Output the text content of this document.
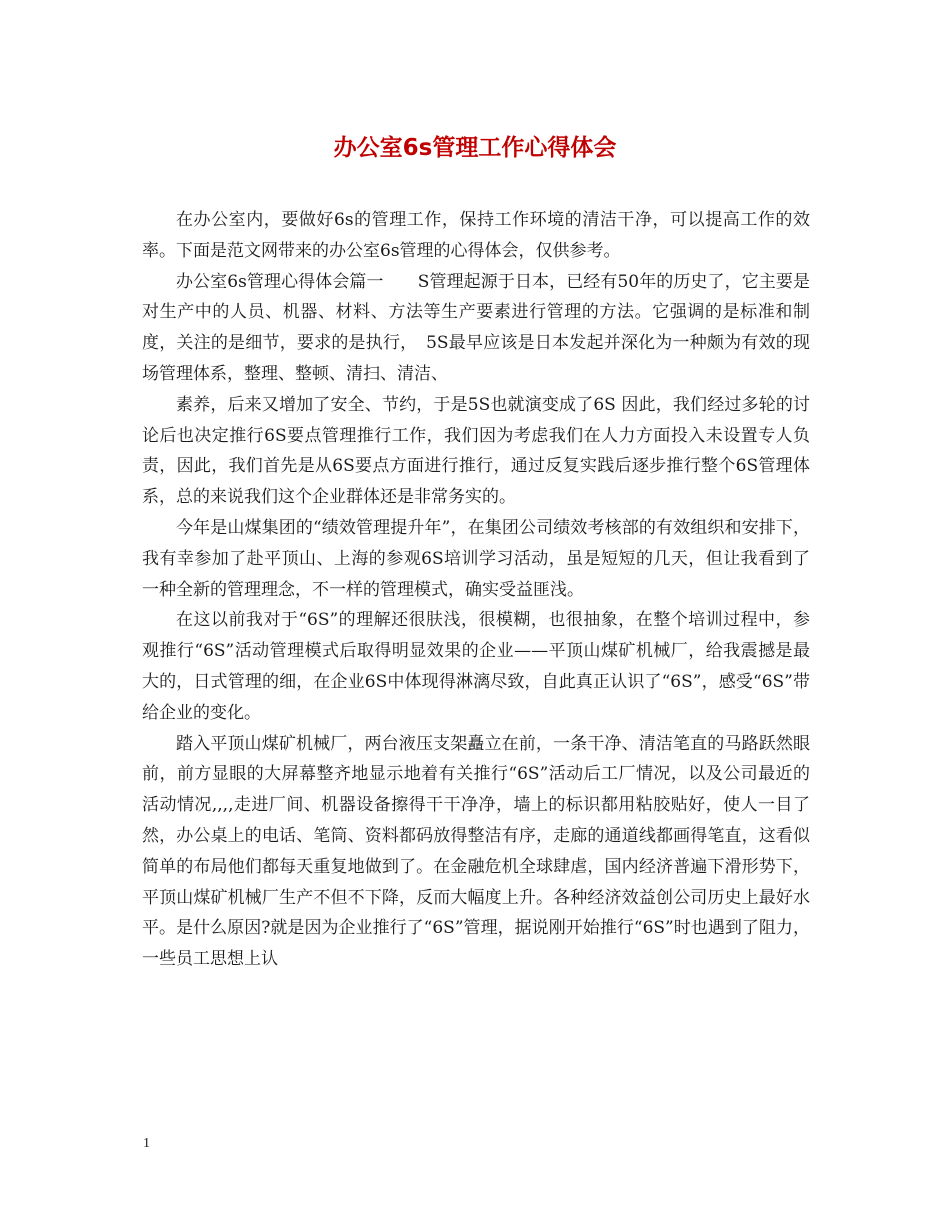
办公室6s管理工作心得体会

在办公室内，要做好6s的管理工作，保持工作环境的清洁干净，可以提高工作的效率。下面是范文网带来的办公室6s管理的心得体会，仅供参考。

办公室6s管理心得体会篇一　　S管理起源于日本，已经有50年的历史了，它主要是对生产中的人员、机器、材料、方法等生产要素进行管理的方法。它强调的是标准和制度，关注的是细节，要求的是执行，　5S最早应该是日本发起并深化为一种颇为有效的现场管理体系，整理、整顿、清扫、清洁、

素养，后来又增加了安全、节约，于是5S也就演变成了6S 因此，我们经过多轮的讨论后也决定推行6S要点管理推行工作，我们因为考虑我们在人力方面投入未设置专人负责，因此，我们首先是从6S要点方面进行推行，通过反复实践后逐步推行整个6S管理体系，总的来说我们这个企业群体还是非常务实的。

今年是山煤集团的“绩效管理提升年”，在集团公司绩效考核部的有效组织和安排下，我有幸参加了赴平顶山、上海的参观6S培训学习活动，虽是短短的几天，但让我看到了一种全新的管理理念，不一样的管理模式，确实受益匪浅。

在这以前我对于“6S”的理解还很肤浅，很模糊，也很抽象，在整个培训过程中，参观推行“6S”活动管理模式后取得明显效果的企业——平顶山煤矿机械厂，给我震撼是最大的，日式管理的细，在企业6S中体现得淋漓尽致，自此真正认识了“6S”，感受“6S”带给企业的变化。

踏入平顶山煤矿机械厂，两台液压支架矗立在前，一条干净、清洁笔直的马路跃然眼前，前方显眼的大屏幕整齐地显示地着有关推行“6S”活动后工厂情况，以及公司最近的活动情况,,,,走进厂间、机器设备擦得干干净净，墙上的标识都用粘胶贴好，使人一目了然，办公桌上的电话、笔筒、资料都码放得整洁有序，走廊的通道线都画得笔直，这看似简单的布局他们都每天重复地做到了。在金融危机全球肆虐，国内经济普遍下滑形势下，平顶山煤矿机械厂生产不但不下降，反而大幅度上升。各种经济效益创公司历史上最好水平。是什么原因?就是因为企业推行了“6S”管理，据说刚开始推行“6S”时也遇到了阻力，一些员工思想上认

1
